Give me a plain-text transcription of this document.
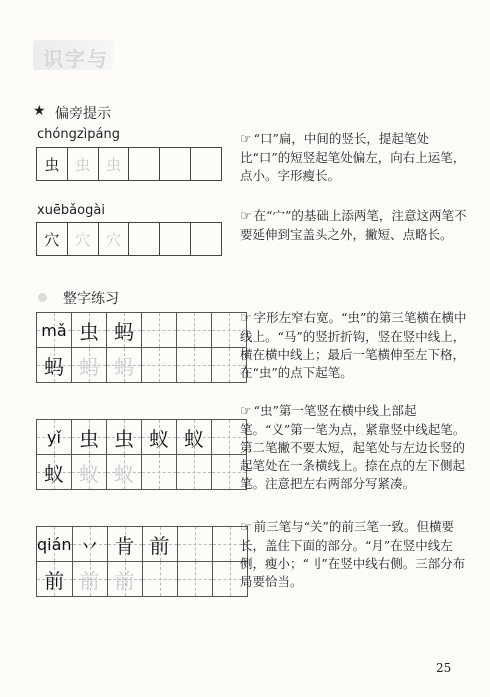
识字与
★ 偏旁提示
chóngzìpáng
虫	虫	虫			
☞ “口”扁，中间的竖长，提起笔处比“口”的短竖起笔处偏左，向右上运笔，点小。字形瘦长。
xuēbǎogài
穴	穴	穴			
☞ 在“宀”的基础上添两笔，注意这两笔不要延伸到宝盖头之外，撇短、点略长。
整字练习
mǎ	虫	蚂			
蚂	蚂	蚂			
☞ 字形左窄右宽。“虫”的第三笔横在横中线上。“马”的竖折折钩，竖在竖中线上，横在横中线上；最后一笔横伸至左下格，在“虫”的点下起笔。
yǐ	虫	虫	蚁	蚁	
蚁	蚁	蚁			
☞ “虫”第一笔竖在横中线上部起笔。“义”第一笔为点，紧靠竖中线起笔。第二笔撇不要太短，起笔处与左边长竖的起笔处在一条横线上。捺在点的左下侧起笔。注意把左右两部分写紧凑。
qián	丷	肯	前		
前	前	前			
☞ 前三笔与“关”的前三笔一致。但横要长，盖住下面的部分。“月”在竖中线左侧，瘦小；“刂”在竖中线右侧。三部分布局要恰当。
25
